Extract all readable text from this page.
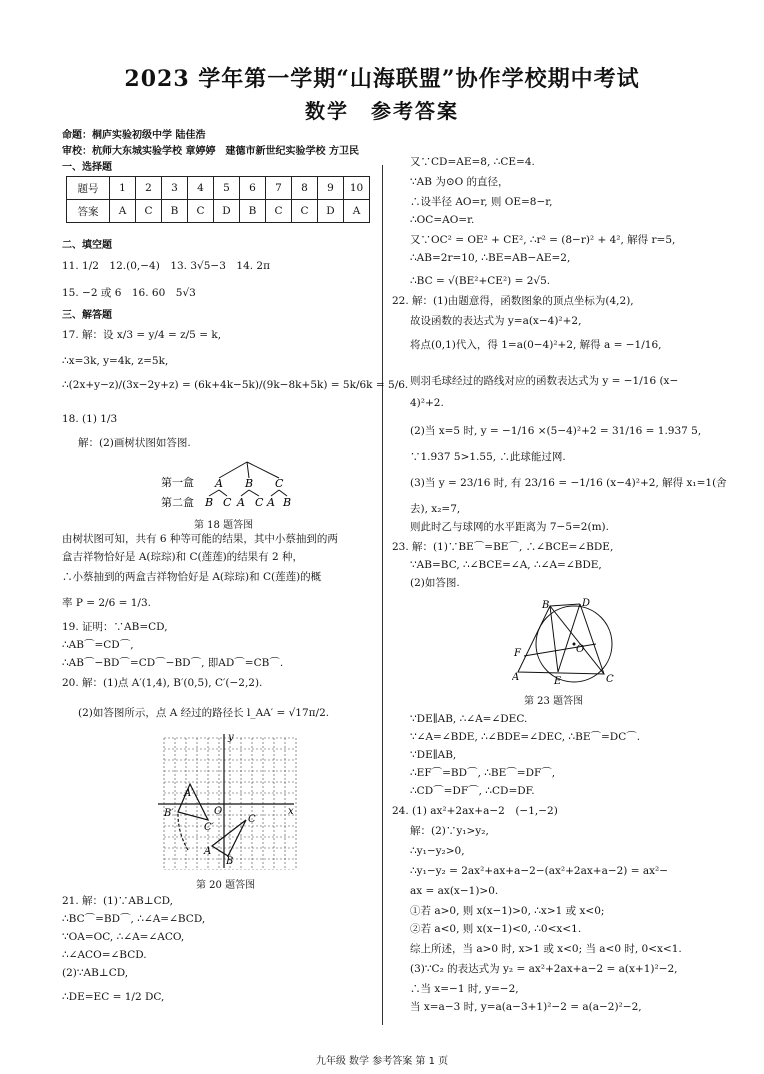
2023 学年第一学期“山海联盟”协作学校期中考试
数学　参考答案
命题：桐庐实验初级中学 陆佳浩
审校：杭师大东城实验学校 章婷婷　建德市新世纪实验学校 方卫民
一、选择题
题号	1	2	3	4	5	6	7	8	9	10
答案	A	C	B	C	D	B	C	C	D	A
二、填空题
三、解答题
11. 1/2　12.(0,−4)　13. 3√5−3　14. 2π
15. −2 或 6　16. 60　5√3
17. 解：设 x/3 = y/4 = z/5 = k,
∴x=3k, y=4k, z=5k,
∴(2x+y−z)/(3x−2y+z) = (6k+4k−5k)/(9k−8k+5k) = 5k/6k = 5/6.
18. (1) 1/3
解：(2)画树状图如答图.
由树状图可知，共有 6 种等可能的结果，其中小蔡抽到的两
盒吉祥物恰好是 A(琮琮)和 C(莲莲)的结果有 2 种，
∴小蔡抽到的两盒吉祥物恰好是 A(琮琮)和 C(莲莲)的概
率 P = 2/6 = 1/3.
19. 证明：∵AB=CD,
∴AB⌒=CD⌒,
∴AB⌒−BD⌒=CD⌒−BD⌒, 即AD⌒=CB⌒.
20. 解：(1)点 A′(1,4), B′(0,5), C′(−2,2).
(2)如答图所示，点 A 经过的路径长 l_AA′ = √17π/2.
21. 解：(1)∵AB⊥CD,
∴BC⌒=BD⌒, ∴∠A=∠BCD,
∵OA=OC, ∴∠A=∠ACO,
∴∠ACO=∠BCD.
(2)∵AB⊥CD,
∴DE=EC = 1/2 DC,
第一盒
第二盒
A B C
B C A C A B
第 18 题答图
y
x
O
A′
B′
C′
A
B
C
第 20 题答图
又∵CD=AE=8, ∴CE=4.
∵AB 为⊙O 的直径，
∴设半径 AO=r, 则 OE=8−r,
∴OC=AO=r.
又∵OC² = OE² + CE², ∴r² = (8−r)² + 4², 解得 r=5,
∴AB=2r=10, ∴BE=AB−AE=2,
∴BC = √(BE²+CE²) = 2√5.
22. 解：(1)由题意得，函数图象的顶点坐标为(4,2),
故设函数的表达式为 y=a(x−4)²+2,
将点(0,1)代入，得 1=a(0−4)²+2, 解得 a = −1/16,
则羽毛球经过的路线对应的函数表达式为 y = −1/16 (x−
4)²+2.
(2)当 x=5 时, y = −1/16 ×(5−4)²+2 = 31/16 = 1.937 5,
∵1.937 5>1.55, ∴此球能过网.
(3)当 y = 23/16 时, 有 23/16 = −1/16 (x−4)²+2, 解得 x₁=1(舍
去), x₂=7,
则此时乙与球网的水平距离为 7−5=2(m).
23. 解：(1)∵BE⌒=BE⌒, ∴∠BCE=∠BDE,
∵AB=BC, ∴∠BCE=∠A, ∴∠A=∠BDE,
(2)如答图.
∵DE∥AB, ∴∠A=∠DEC.
∵∠A=∠BDE, ∴∠BDE=∠DEC, ∴BE⌒=DC⌒.
∵DE∥AB,
∴EF⌒=BD⌒, ∴BE⌒=DF⌒,
∴CD⌒=DF⌒, ∴CD=DF.
24. (1) ax²+2ax+a−2　(−1,−2)
解：(2)∵y₁>y₂,
∴y₁−y₂>0,
∴y₁−y₂ = 2ax²+ax+a−2−(ax²+2ax+a−2) = ax²−
ax = ax(x−1)>0.
①若 a>0, 则 x(x−1)>0, ∴x>1 或 x<0;
②若 a<0, 则 x(x−1)<0, ∴0<x<1.
综上所述，当 a>0 时, x>1 或 x<0; 当 a<0 时, 0<x<1.
(3)∵C₂ 的表达式为 y₂ = ax²+2ax+a−2 = a(x+1)²−2,
∴当 x=−1 时, y=−2,
当 x=a−3 时, y=a(a−3+1)²−2 = a(a−2)²−2,
B	D
F	O
A	E	C
第 23 题答图
九年级 数学 参考答案 第 1 页
